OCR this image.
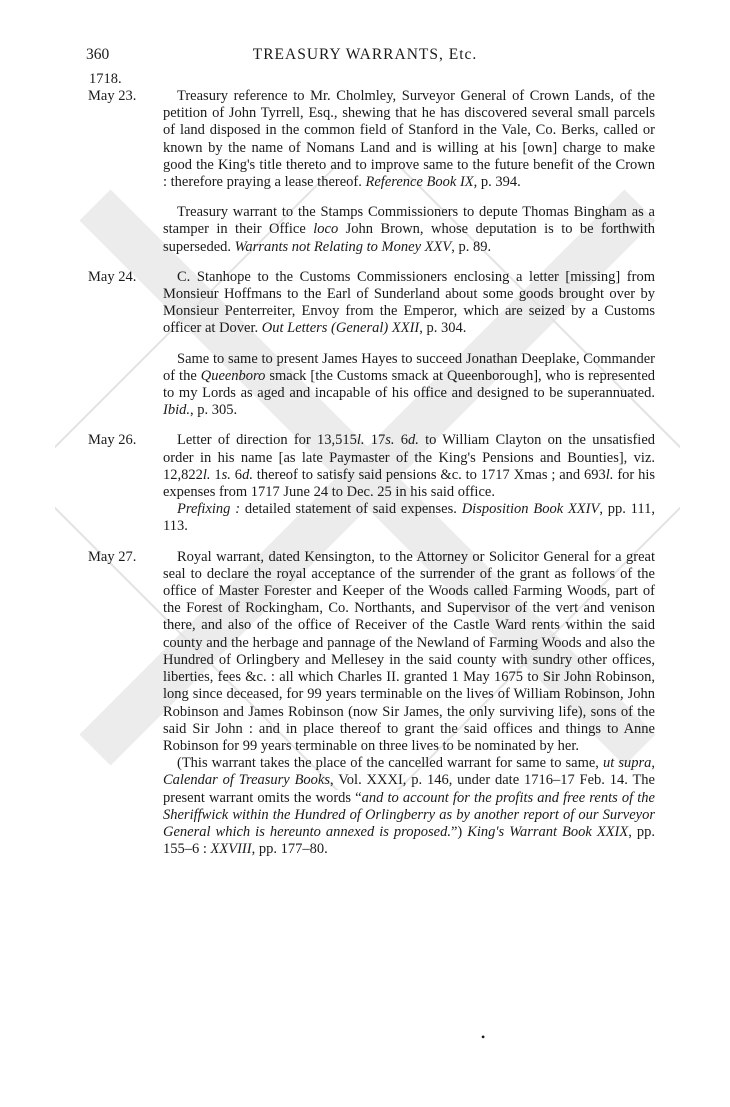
360	TREASURY WARRANTS, Etc.
1718.
May 23.	Treasury reference to Mr. Cholmley, Surveyor General of Crown Lands, of the petition of John Tyrrell, Esq., shewing that he has discovered several small parcels of land disposed in the common field of Stanford in the Vale, Co. Berks, called or known by the name of Nomans Land and is willing at his [own] charge to make good the King's title thereto and to improve same to the future benefit of the Crown : therefore praying a lease thereof. Reference Book IX, p. 394.

Treasury warrant to the Stamps Commissioners to depute Thomas Bingham as a stamper in their Office loco John Brown, whose deputation is to be forthwith superseded. Warrants not Relating to Money XXV, p. 89.

May 24.	C. Stanhope to the Customs Commissioners enclosing a letter [missing] from Monsieur Hoffmans to the Earl of Sunderland about some goods brought over by Monsieur Penterreiter, Envoy from the Emperor, which are seized by a Customs officer at Dover. Out Letters (General) XXII, p. 304.

Same to same to present James Hayes to succeed Jonathan Deeplake, Commander of the Queenboro smack [the Customs smack at Queenborough], who is represented to my Lords as aged and incapable of his office and designed to be superannuated. Ibid., p. 305.

May 26.	Letter of direction for 13,515l. 17s. 6d. to William Clayton on the unsatisfied order in his name [as late Paymaster of the King's Pensions and Bounties], viz. 12,822l. 1s. 6d. thereof to satisfy said pensions &c. to 1717 Xmas ; and 693l. for his expenses from 1717 June 24 to Dec. 25 in his said office.

Prefixing : detailed statement of said expenses. Disposition Book XXIV, pp. 111, 113.

May 27.	Royal warrant, dated Kensington, to the Attorney or Solicitor General for a great seal to declare the royal acceptance of the surrender of the grant as follows of the office of Master Forester and Keeper of the Woods called Farming Woods, part of the Forest of Rockingham, Co. Northants, and Supervisor of the vert and venison there, and also of the office of Receiver of the Castle Ward rents within the said county and the herbage and pannage of the Newland of Farming Woods and also the Hundred of Orlingbery and Mellesey in the said county with sundry other offices, liberties, fees &c. : all which Charles II. granted 1 May 1675 to Sir John Robinson, long since deceased, for 99 years terminable on the lives of William Robinson, John Robinson and James Robinson (now Sir James, the only surviving life), sons of the said Sir John : and in place thereof to grant the said offices and things to Anne Robinson for 99 years terminable on three lives to be nominated by her.

(This warrant takes the place of the cancelled warrant for same to same, ut supra, Calendar of Treasury Books, Vol. XXXI, p. 146, under date 1716–17 Feb. 14. The present warrant omits the words “and to account for the profits and free rents of the Sheriffwick within the Hundred of Orlingberry as by another report of our Surveyor General which is hereunto annexed is proposed.”) King's Warrant Book XXIX, pp. 155–6 : XXVIII, pp. 177–80.

•
